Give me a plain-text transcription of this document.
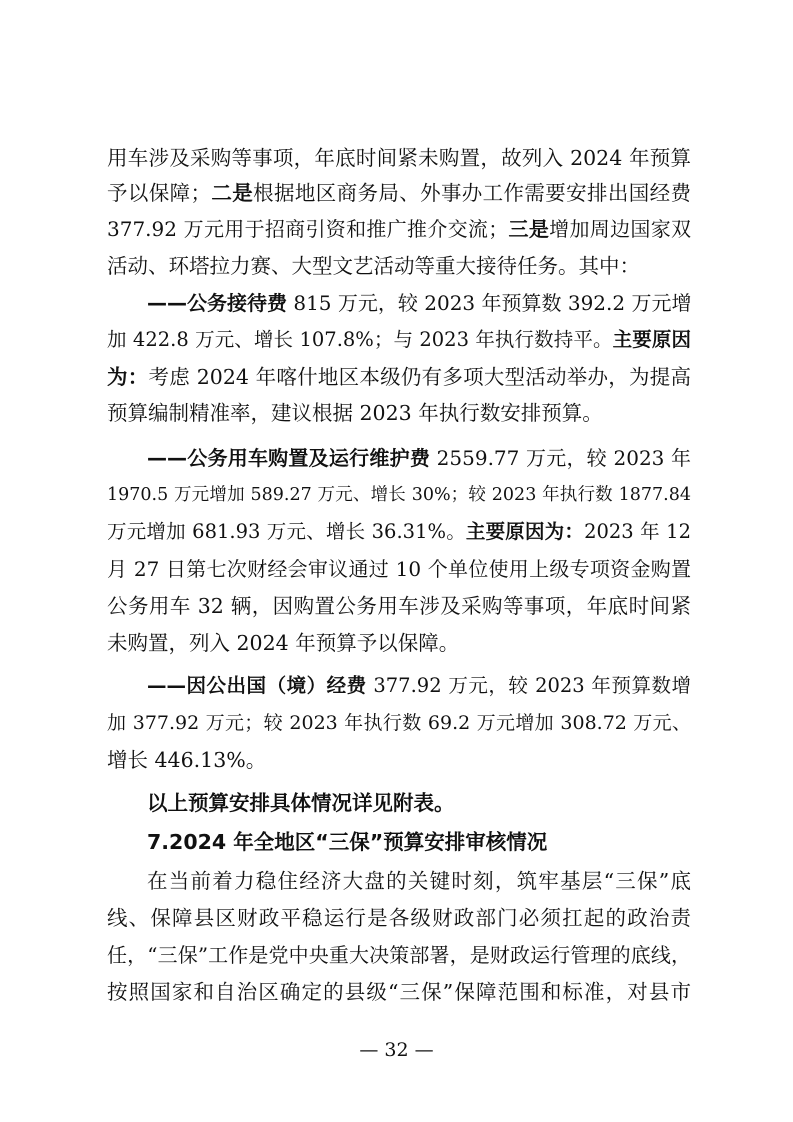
用车涉及采购等事项，年底时间紧未购置，故列入 2024 年预算
予以保障；二是根据地区商务局、外事办工作需要安排出国经费
377.92 万元用于招商引资和推广推介交流；三是增加周边国家双
活动、环塔拉力赛、大型文艺活动等重大接待任务。其中：
——公务接待费 815 万元，较 2023 年预算数 392.2 万元增
加 422.8 万元、增长 107.8%；与 2023 年执行数持平。主要原因
为：考虑 2024 年喀什地区本级仍有多项大型活动举办，为提高
预算编制精准率，建议根据 2023 年执行数安排预算。
——公务用车购置及运行维护费 2559.77 万元，较 2023 年
1970.5 万元增加 589.27 万元、增长 30%；较 2023 年执行数 1877.84
万元增加 681.93 万元、增长 36.31%。主要原因为：2023 年 12
月 27 日第七次财经会审议通过 10 个单位使用上级专项资金购置
公务用车 32 辆，因购置公务用车涉及采购等事项，年底时间紧
未购置，列入 2024 年预算予以保障。
——因公出国（境）经费 377.92 万元，较 2023 年预算数增
加 377.92 万元；较 2023 年执行数 69.2 万元增加 308.72 万元、
增长 446.13%。
以上预算安排具体情况详见附表。
7.2024 年全地区“三保”预算安排审核情况
在当前着力稳住经济大盘的关键时刻，筑牢基层“三保”底
线、保障县区财政平稳运行是各级财政部门必须扛起的政治责
任，“三保”工作是党中央重大决策部署，是财政运行管理的底线，
按照国家和自治区确定的县级“三保”保障范围和标准，对县市
— 32 —
